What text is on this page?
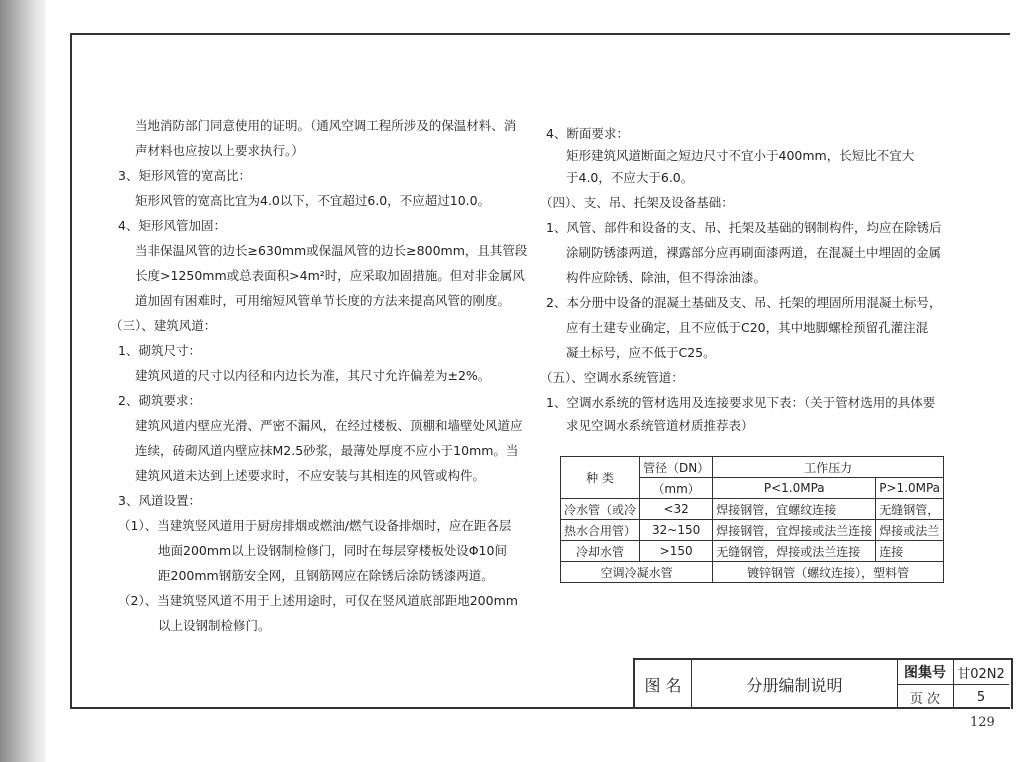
当地消防部门同意使用的证明。（通风空调工程所涉及的保温材料、消
声材料也应按以上要求执行。）
3、矩形风管的宽高比：
矩形风管的宽高比宜为4.0以下，不宜超过6.0，不应超过10.0。
4、矩形风管加固：
当非保温风管的边长≥630mm或保温风管的边长≥800mm，且其管段
长度>1250mm或总表面积>4m²时，应采取加固措施。但对非金属风
道加固有困难时，可用缩短风管单节长度的方法来提高风管的刚度。
（三）、建筑风道：
1、砌筑尺寸：
建筑风道的尺寸以内径和内边长为准，其尺寸允许偏差为±2%。
2、砌筑要求：
建筑风道内壁应光滑、严密不漏风，在经过楼板、顶棚和墙壁处风道应
连续，砖砌风道内壁应抹M2.5砂浆，最薄处厚度不应小于10mm。当
建筑风道未达到上述要求时，不应安装与其相连的风管或构件。
3、风道设置：
（1）、当建筑竖风道用于厨房排烟或燃油/燃气设备排烟时，应在距各层
地面200mm以上设钢制检修门，同时在每层穿楼板处设Φ10间
距200mm钢筋安全网，且钢筋网应在除锈后涂防锈漆两道。
（2）、当建筑竖风道不用于上述用途时，可仅在竖风道底部距地200mm
以上设钢制检修门。
4、断面要求：
矩形建筑风道断面之短边尺寸不宜小于400mm，长短比不宜大
于4.0，不应大于6.0。
（四）、支、吊、托架及设备基础：
1、风管、部件和设备的支、吊、托架及基础的钢制构件，均应在除锈后
涂刷防锈漆两道，裸露部分应再刷面漆两道，在混凝土中埋固的金属
构件应除锈、除油，但不得涂油漆。
2、本分册中设备的混凝土基础及支、吊、托架的埋固所用混凝土标号，
应有土建专业确定，且不应低于C20，其中地脚螺栓预留孔灌注混
凝土标号，应不低于C25。
（五）、空调水系统管道：
1、空调水系统的管材选用及连接要求见下表：（关于管材选用的具体要
求见空调水系统管道材质推荐表）
种 类	管径（DN）	工作压力	
	（mm）	P<1.0MPa	P>1.0MPa
冷水管（或冷	<32	焊接钢管，宜螺纹连接	无缝钢管，
热水合用管）	32~150	焊接钢管，宜焊接或法兰连接	焊接或法兰
冷却水管	>150	无缝钢管，焊接或法兰连接	连接
空调冷凝水管		镀锌钢管（螺纹连接），塑料管	
图 名	分册编制说明
图集号 甘02N2
页 次	5
129
